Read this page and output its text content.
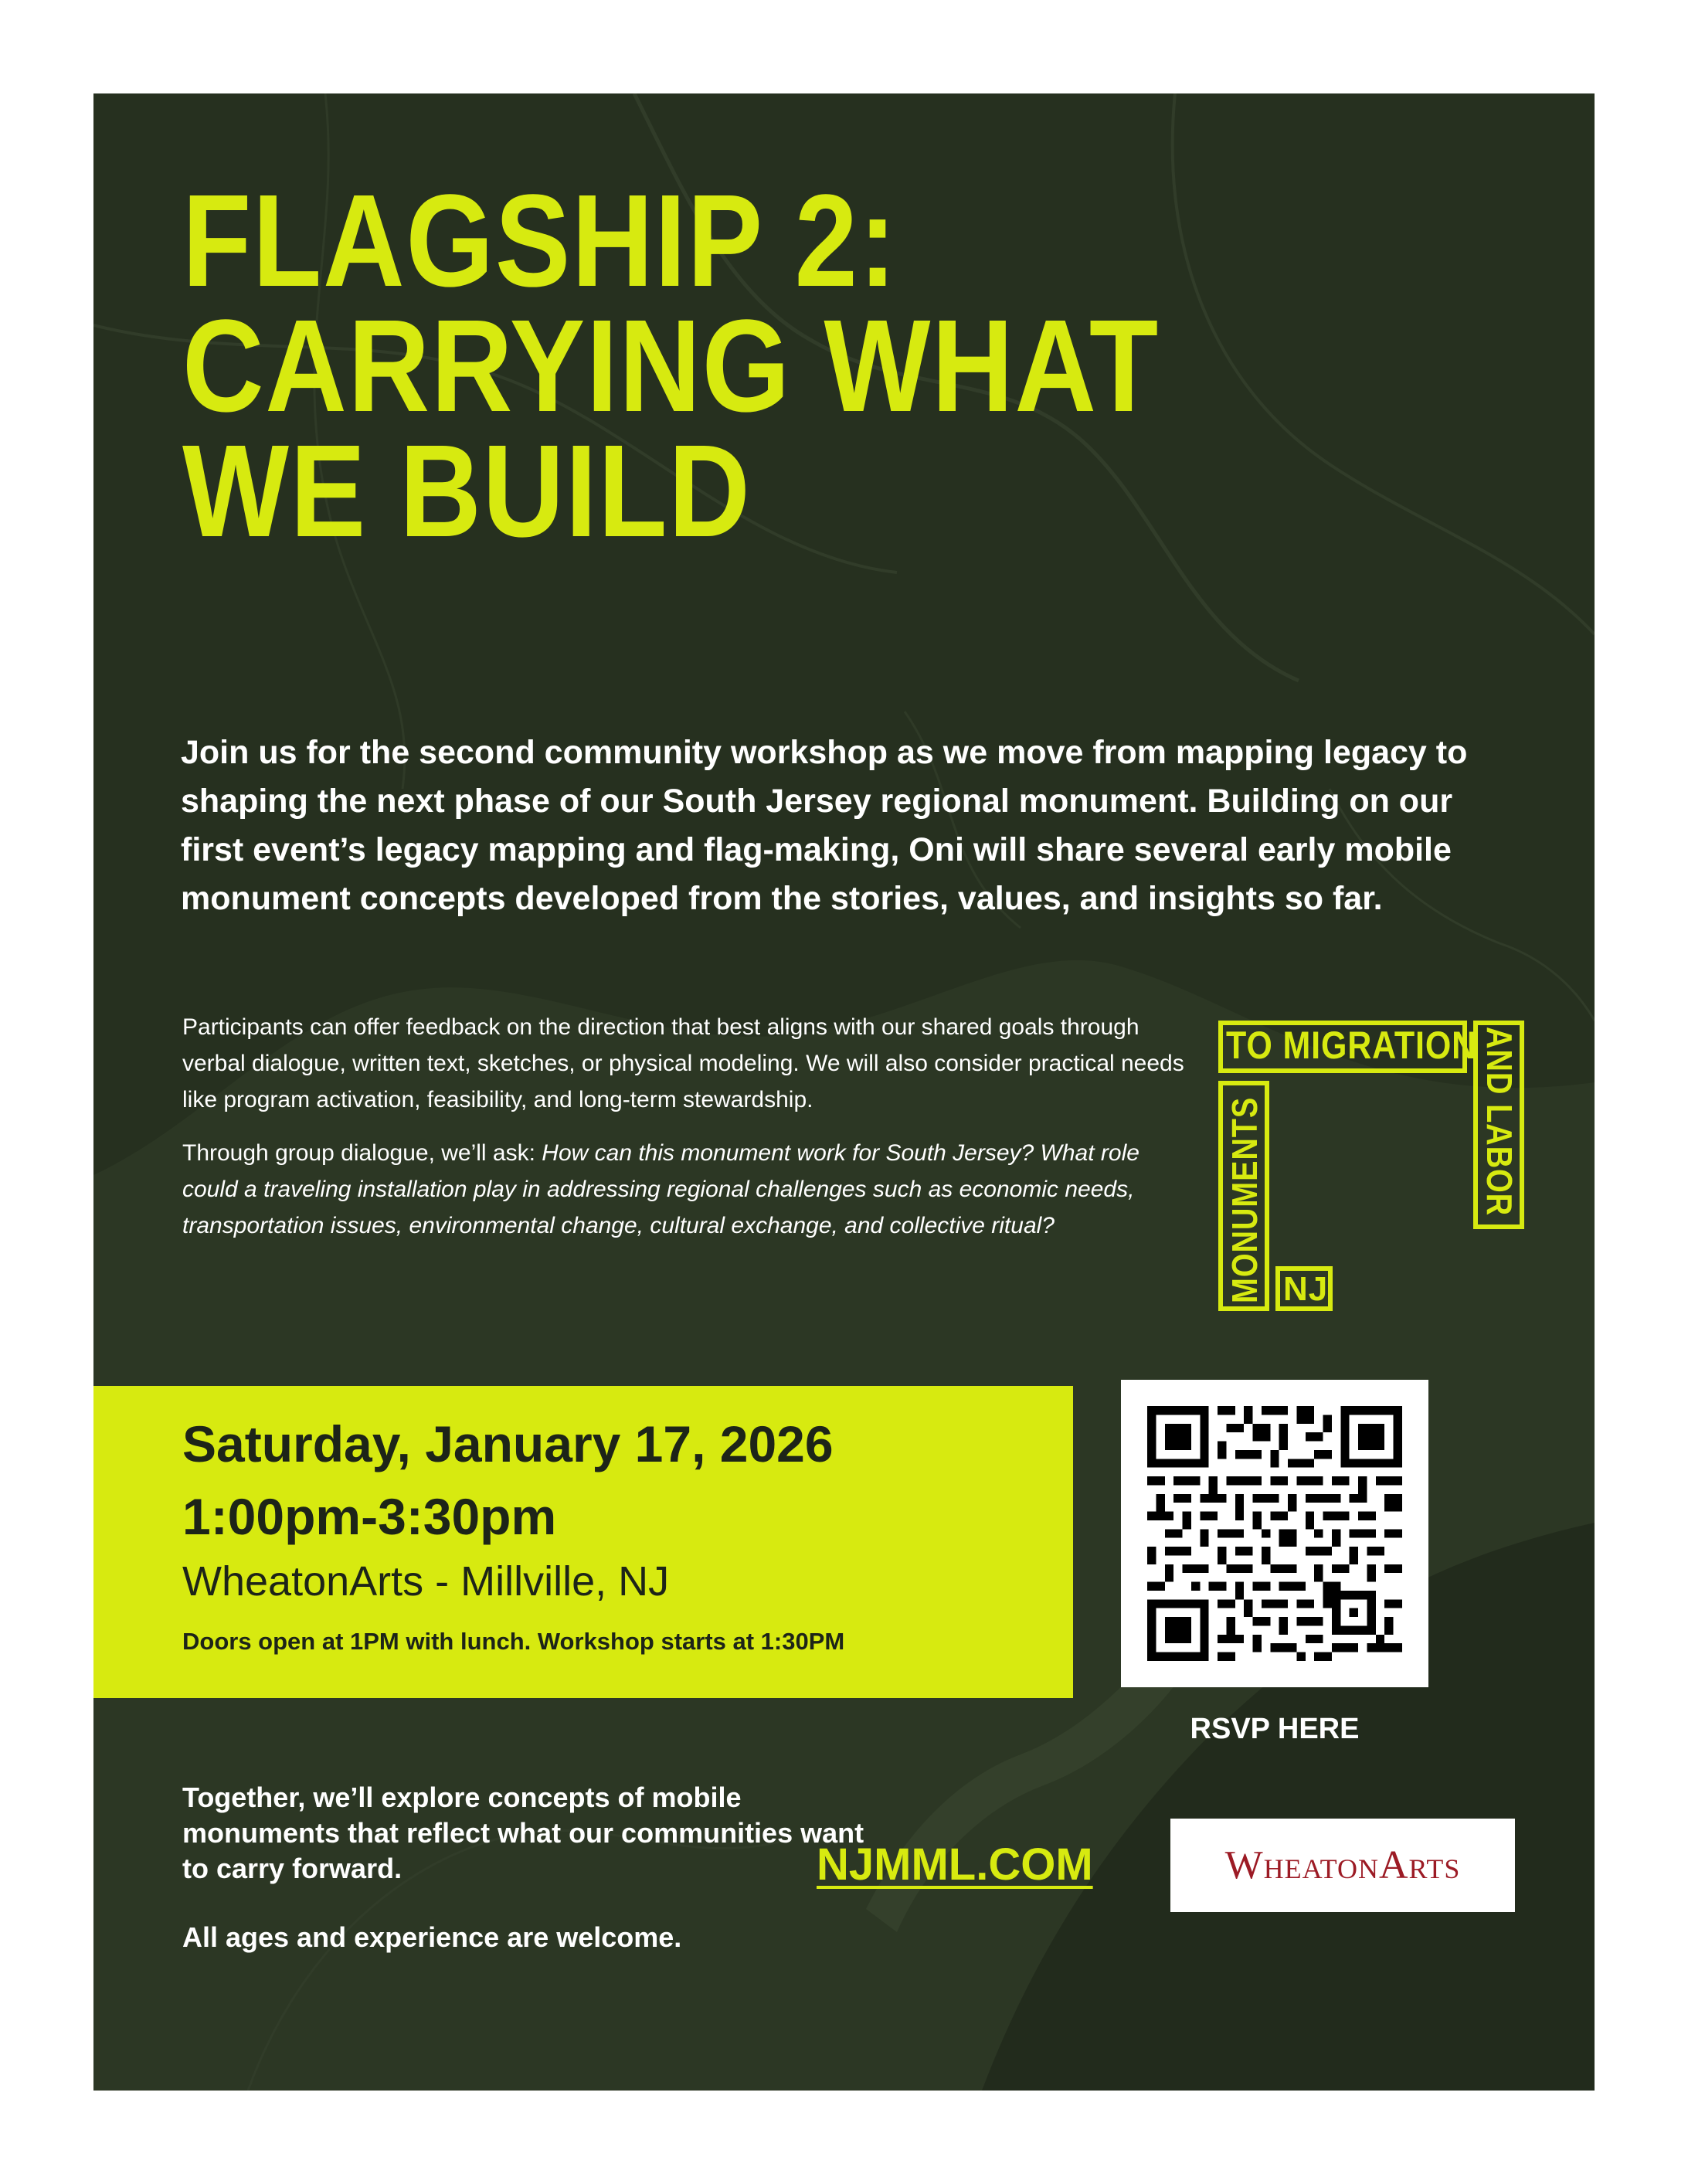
FLAGSHIP 2:
CARRYING WHAT
WE BUILD

Join us for the second community workshop as we move from mapping legacy to shaping the next phase of our South Jersey regional monument. Building on our first event’s legacy mapping and flag-making, Oni will share several early mobile monument concepts developed from the stories, values, and insights so far.

Participants can offer feedback on the direction that best aligns with our shared goals through verbal dialogue, written text, sketches, or physical modeling. We will also consider practical needs like program activation, feasibility, and long-term stewardship.

Through group dialogue, we’ll ask: How can this monument work for South Jersey? What role could a traveling installation play in addressing regional challenges such as economic needs, transportation issues, environmental change, cultural exchange, and collective ritual?

TO MIGRATION AND LABOR
MONUMENTS NJ
Saturday, January 17, 2026
1:00pm-3:30pm
WheatonArts - Millville, NJ
Doors open at 1PM with lunch. Workshop starts at 1:30PM
RSVP HERE

Together, we’ll explore concepts of mobile monuments that reflect what our communities want to carry forward.

All ages and experience are welcome.
NJMML.COM	WheatonArts
